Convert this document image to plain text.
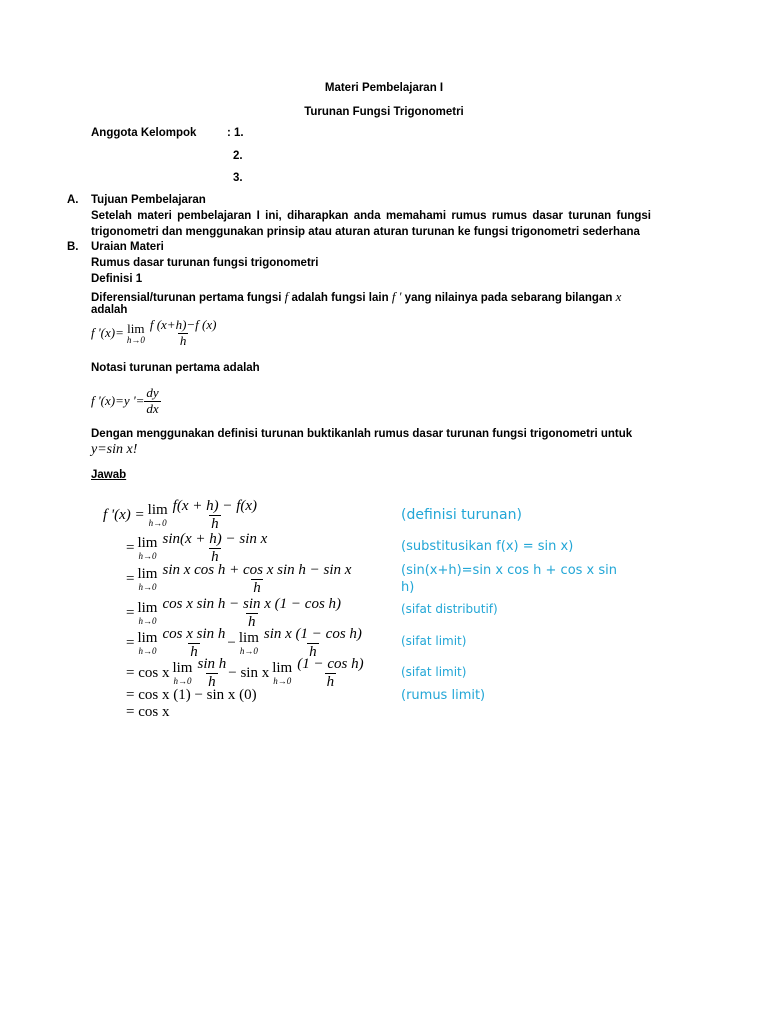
Materi Pembelajaran I
Turunan Fungsi Trigonometri
Anggota Kelompok	: 1.
2.
3.
A. Tujuan Pembelajaran
Setelah materi pembelajaran I ini, diharapkan anda memahami rumus rumus dasar turunan fungsi
trigonometri dan menggunakan prinsip atau aturan aturan turunan ke fungsi trigonometri sederhana
B. Uraian Materi
Rumus dasar turunan fungsi trigonometri
Definisi 1
Diferensial/turunan pertama fungsi f adalah fungsi lain f ' yang nilainya pada sebarang bilangan x
adalah
f '(x)= lim
$h\to 0 \frac{f (x+h)-f (x)}{h}$
Notasi turunan pertama adalah
f '(x)=y '= $\frac{dy}{dx}$
Dengan menggunakan definisi turunan buktikanlah rumus dasar turunan fungsi trigonometri untuk
y=sin x!
Jawab
f '(x) = lim
$h\to 0 \frac{f(x + h) - f(x)}{h}$	(definisi turunan)
= lim
$h\to 0 \frac{\text{sin(x + h) − sin x}}{h}$	(substitusikan f(x) = sin x)
= lim
$h\to 0 \frac{\text{sin x cos h + cos x sin h − sin x}}{h}$	(sin(x+h)=sin x cos h + cos x sin
h)
= lim
$h\to 0 \frac{\text{cos x sin h − sin x (1 − cos h)}}{h}$	(sifat distributif)
= lim
$h\to 0 \frac{\text{cos x sin h}}{h} - \lim$
$h\to 0 \frac{\text{sin x (1 − cos h)}}{h}$	(sifat limit)
= cos x lim
$h\to 0 \frac{\text{sin h}}{h} - \sin x$ lim
$h\to 0 \frac{\text{(1 − cos h)}}{h}$	(sifat limit)
= cos x (1) − sin x (0)	(rumus limit)
= cos x
